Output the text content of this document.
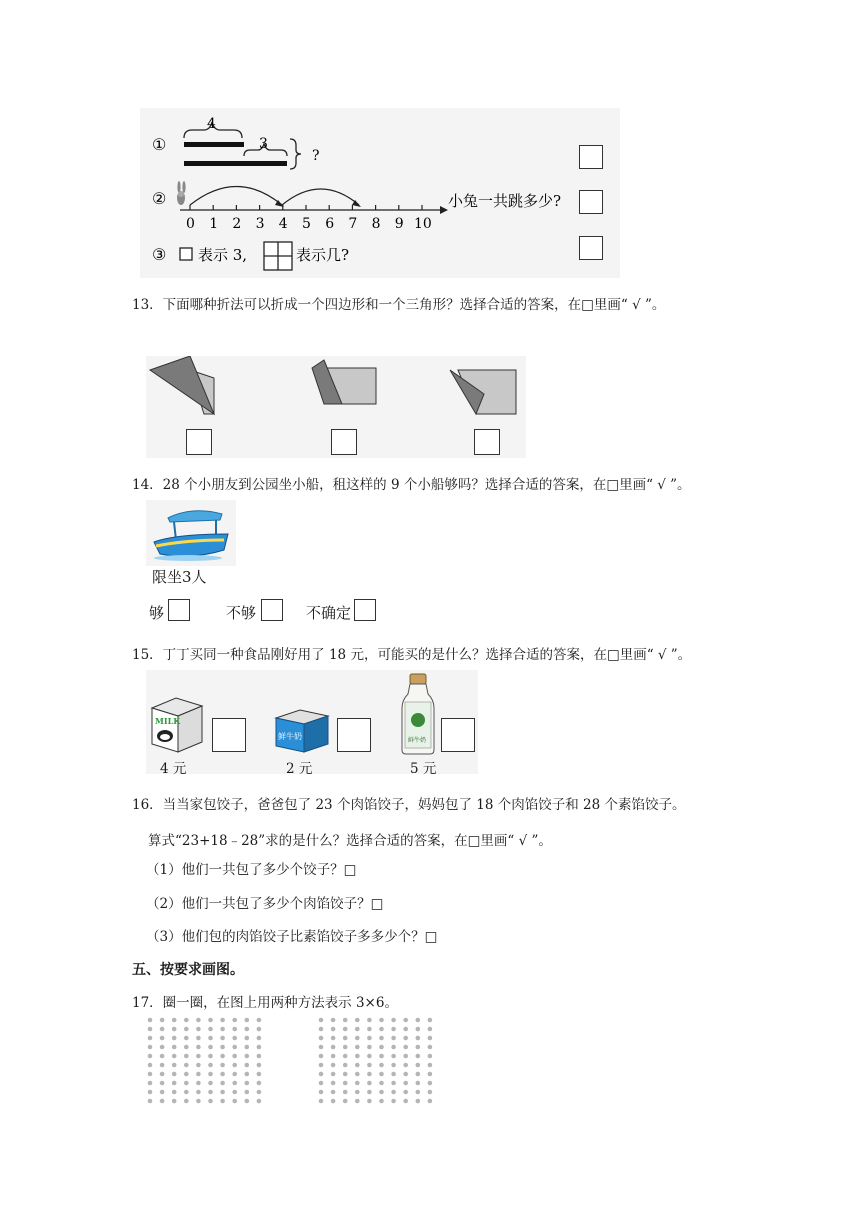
①
4
3
?
②
0 1 2 3 4 5 6 7 8 9 10
小兔一共跳多少?
③ 表示 3,	表示几?
13．下面哪种折法可以折成一个四边形和一个三角形？选择合适的答案，在□里画“ √ ”。
14．28 个小朋友到公园坐小船，租这样的 9 个小船够吗？选择合适的答案，在□里画“ √ ”。
限坐3人
够	不够	不确定
15．丁丁买同一种食品刚好用了 18 元，可能买的是什么？选择合适的答案，在□里画“ √ ”。
MILK
4 元
鲜牛奶
2 元
鲜牛奶
5 元
16．当当家包饺子，爸爸包了 23 个肉馅饺子，妈妈包了 18 个肉馅饺子和 28 个素馅饺子。
算式“23+18﹣28”求的是什么？选择合适的答案，在□里画“ √ ”。
（1）他们一共包了多少个饺子？□
（2）他们一共包了多少个肉馅饺子？□
（3）他们包的肉馅饺子比素馅饺子多多少个？□
五、按要求画图。
17．圈一圈，在图上用两种方法表示 3×6。
